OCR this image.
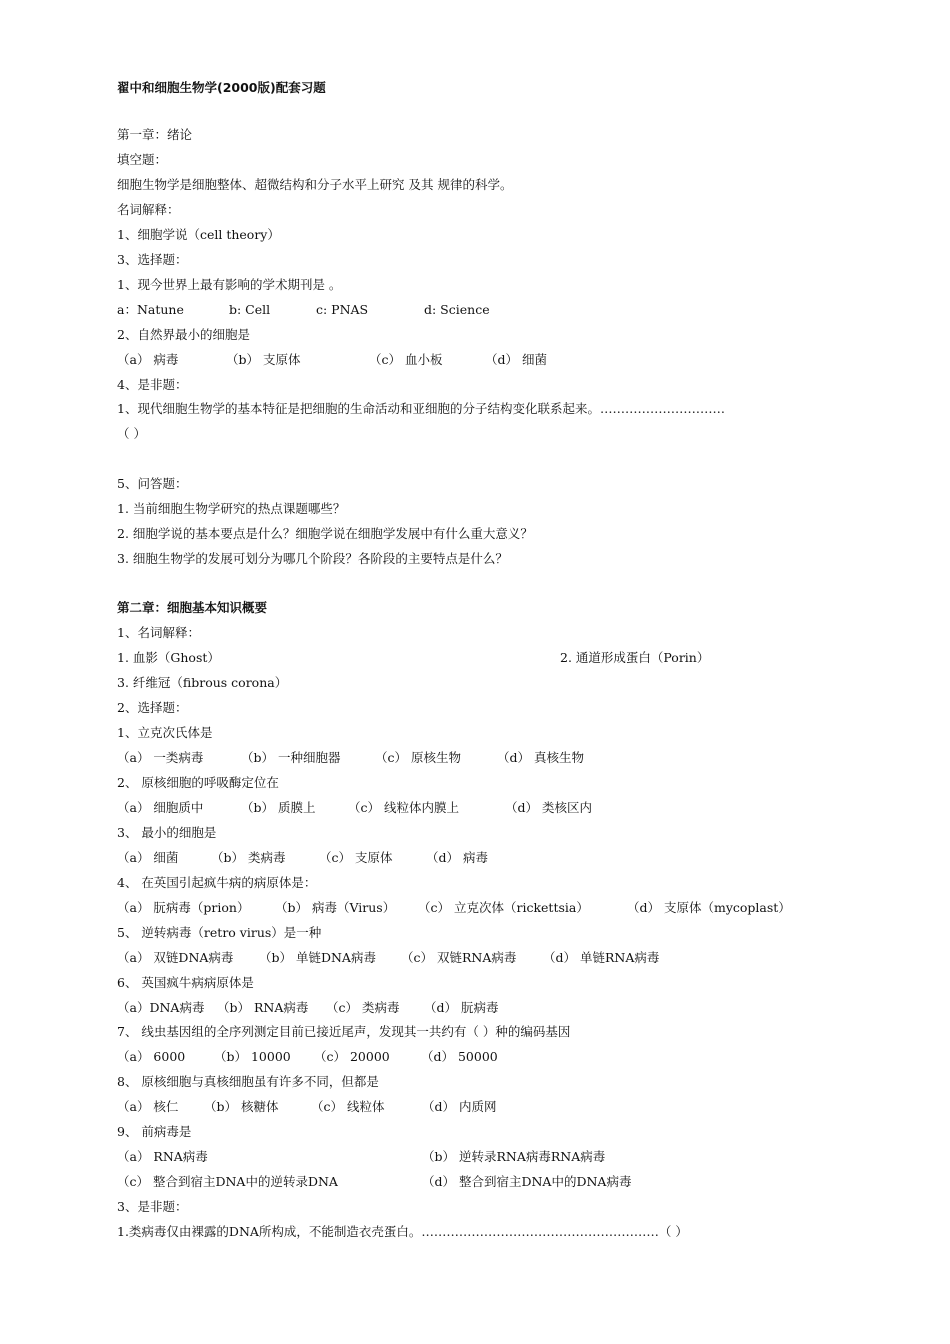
翟中和细胞生物学(2000版)配套习题
第一章：绪论
填空题：
细胞生物学是细胞整体、超微结构和分子水平上研究 及其 规律的科学。
名词解释：
1、细胞学说（cell theory）
3、选择题：
1、现今世界上最有影响的学术期刊是 。
a：Natune	b: Cell	c: PNAS	d: Science
2、自然界最小的细胞是
（a） 病毒	（b） 支原体	（c） 血小板	（d） 细菌
4、是非题：
1、现代细胞生物学的基本特征是把细胞的生命活动和亚细胞的分子结构变化联系起来。…………………………
（ ）
5、问答题：
1. 当前细胞生物学研究的热点课题哪些？
2. 细胞学说的基本要点是什么？细胞学说在细胞学发展中有什么重大意义？
3. 细胞生物学的发展可划分为哪几个阶段？各阶段的主要特点是什么？
第二章：细胞基本知识概要
1、名词解释：
1. 血影（Ghost）	2. 通道形成蛋白（Porin）
3. 纤维冠（fibrous corona）
2、选择题：
1、立克次氏体是
（a） 一类病毒	（b） 一种细胞器	（c） 原核生物	（d） 真核生物
2、 原核细胞的呼吸酶定位在
（a） 细胞质中	（b） 质膜上	（c） 线粒体内膜上	（d） 类核区内
3、 最小的细胞是
（a） 细菌	（b） 类病毒	（c） 支原体	（d） 病毒
4、 在英国引起疯牛病的病原体是：
（a） 朊病毒（prion） （b） 病毒（Virus） （c） 立克次体（rickettsia）	（d） 支原体（mycoplast）
5、 逆转病毒（retro virus）是一种
（a） 双链DNA病毒 （b） 单链DNA病毒 （c） 双链RNA病毒 （d） 单链RNA病毒
6、 英国疯牛病病原体是
（a）DNA病毒 （b） RNA病毒 （c） 类病毒 （d） 朊病毒
7、 线虫基因组的全序列测定目前已接近尾声，发现其一共约有（ ）种的编码基因
（a） 6000 （b） 10000 （c） 20000	（d） 50000
8、 原核细胞与真核细胞虽有许多不同，但都是
（a） 核仁 （b） 核糖体	（c） 线粒体	（d） 内质网
9、 前病毒是
（a） RNA病毒	（b） 逆转录RNA病毒RNA病毒
（c） 整合到宿主DNA中的逆转录DNA	（d） 整合到宿主DNA中的DNA病毒
3、是非题：
1.类病毒仅由裸露的DNA所构成，不能制造衣壳蛋白。…………………………………………………（ ）
